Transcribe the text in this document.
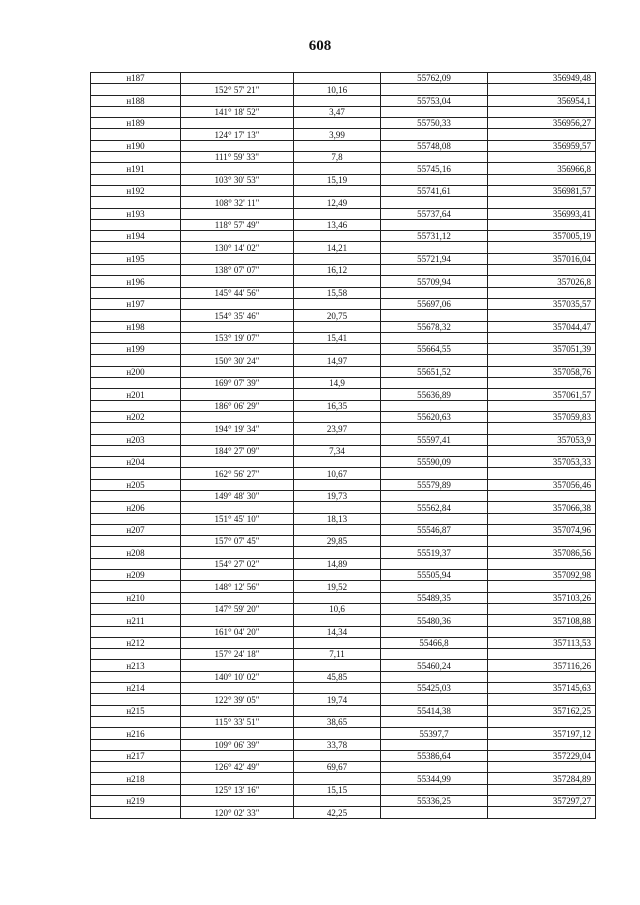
608
н187			55762,09	356949,48
	152° 57' 21"	10,16		
н188			55753,04	356954,1
	141° 18' 52"	3,47		
н189			55750,33	356956,27
	124° 17' 13"	3,99		
н190			55748,08	356959,57
	111° 59' 33"	7,8		
н191			55745,16	356966,8
	103° 30' 53"	15,19		
н192			55741,61	356981,57
	108° 32' 11"	12,49		
н193			55737,64	356993,41
	118° 57' 49"	13,46		
н194			55731,12	357005,19
	130° 14' 02"	14,21		
н195			55721,94	357016,04
	138° 07' 07"	16,12		
н196			55709,94	357026,8
	145° 44' 56"	15,58		
н197			55697,06	357035,57
	154° 35' 46"	20,75		
н198			55678,32	357044,47
	153° 19' 07"	15,41		
н199			55664,55	357051,39
	150° 30' 24"	14,97		
н200			55651,52	357058,76
	169° 07' 39"	14,9		
н201			55636,89	357061,57
	186° 06' 29"	16,35		
н202			55620,63	357059,83
	194° 19' 34"	23,97		
н203			55597,41	357053,9
	184° 27' 09"	7,34		
н204			55590,09	357053,33
	162° 56' 27"	10,67		
н205			55579,89	357056,46
	149° 48' 30"	19,73		
н206			55562,84	357066,38
	151° 45' 10"	18,13		
н207			55546,87	357074,96
	157° 07' 45"	29,85		
н208			55519,37	357086,56
	154° 27' 02"	14,89		
н209			55505,94	357092,98
	148° 12' 56"	19,52		
н210			55489,35	357103,26
	147° 59' 20"	10,6		
н211			55480,36	357108,88
	161° 04' 20"	14,34		
н212			55466,8	357113,53
	157° 24' 18"	7,11		
н213			55460,24	357116,26
	140° 10' 02"	45,85		
н214			55425,03	357145,63
	122° 39' 05"	19,74		
н215			55414,38	357162,25
	115° 33' 51"	38,65		
н216			55397,7	357197,12
	109° 06' 39"	33,78		
н217			55386,64	357229,04
	126° 42' 49"	69,67		
н218			55344,99	357284,89
	125° 13' 16"	15,15		
н219			55336,25	357297,27
	120° 02' 33"	42,25		
